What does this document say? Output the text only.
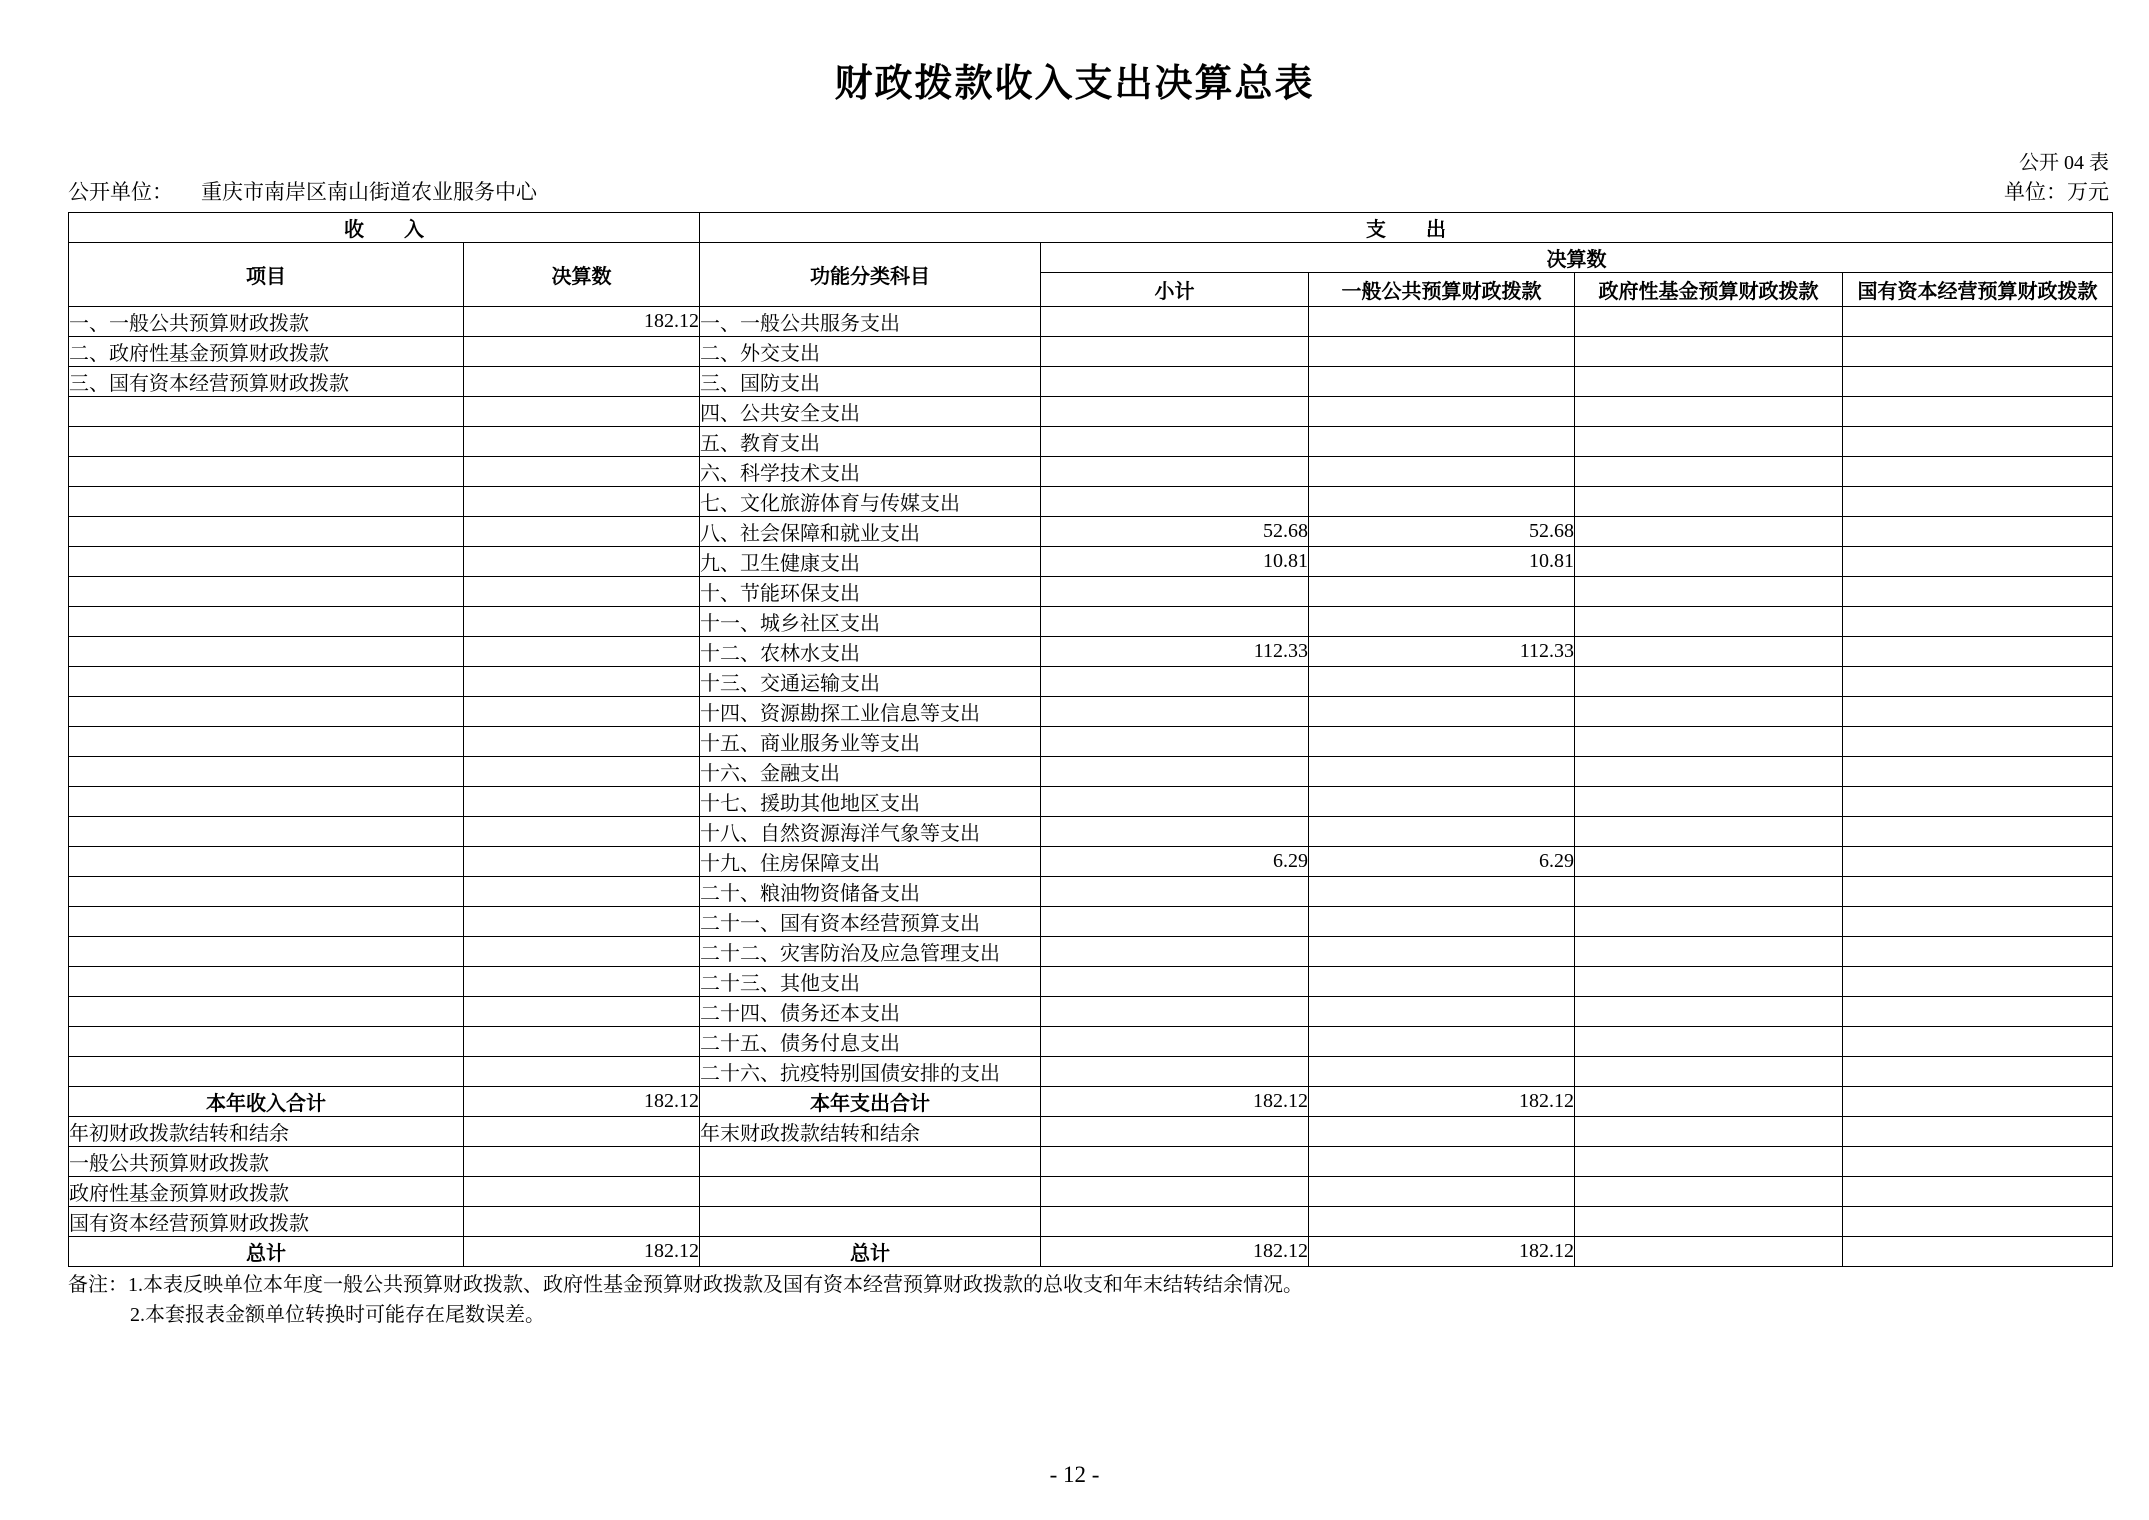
财政拨款收入支出决算总表
公开 04 表
公开单位： 重庆市南岸区南山街道农业服务中心	单位：万元
收　　入		支　　出				
项目	决算数	功能分类科目	决算数			
			小计	一般公共预算财政拨款	政府性基金预算财政拨款	国有资本经营预算财政拨款
一、一般公共预算财政拨款	182.12	一、一般公共服务支出				
二、政府性基金预算财政拨款		二、外交支出				
三、国有资本经营预算财政拨款		三、国防支出				
		四、公共安全支出				
		五、教育支出				
		六、科学技术支出				
		七、文化旅游体育与传媒支出				
		八、社会保障和就业支出	52.68	52.68		
		九、卫生健康支出	10.81	10.81		
		十、节能环保支出				
		十一、城乡社区支出				
		十二、农林水支出	112.33	112.33		
		十三、交通运输支出				
		十四、资源勘探工业信息等支出				
		十五、商业服务业等支出				
		十六、金融支出				
		十七、援助其他地区支出				
		十八、自然资源海洋气象等支出				
		十九、住房保障支出	6.29	6.29		
		二十、粮油物资储备支出				
		二十一、国有资本经营预算支出				
		二十二、灾害防治及应急管理支出				
		二十三、其他支出				
		二十四、债务还本支出				
		二十五、债务付息支出				
		二十六、抗疫特别国债安排的支出				
本年收入合计	182.12	本年支出合计	182.12	182.12		
年初财政拨款结转和结余		年末财政拨款结转和结余				
一般公共预算财政拨款						
政府性基金预算财政拨款						
国有资本经营预算财政拨款						
总计	182.12	总计	182.12	182.12		
备注：1.本表反映单位本年度一般公共预算财政拨款、政府性基金预算财政拨款及国有资本经营预算财政拨款的总收支和年末结转结余情况。
2.本套报表金额单位转换时可能存在尾数误差。
- 12 -
